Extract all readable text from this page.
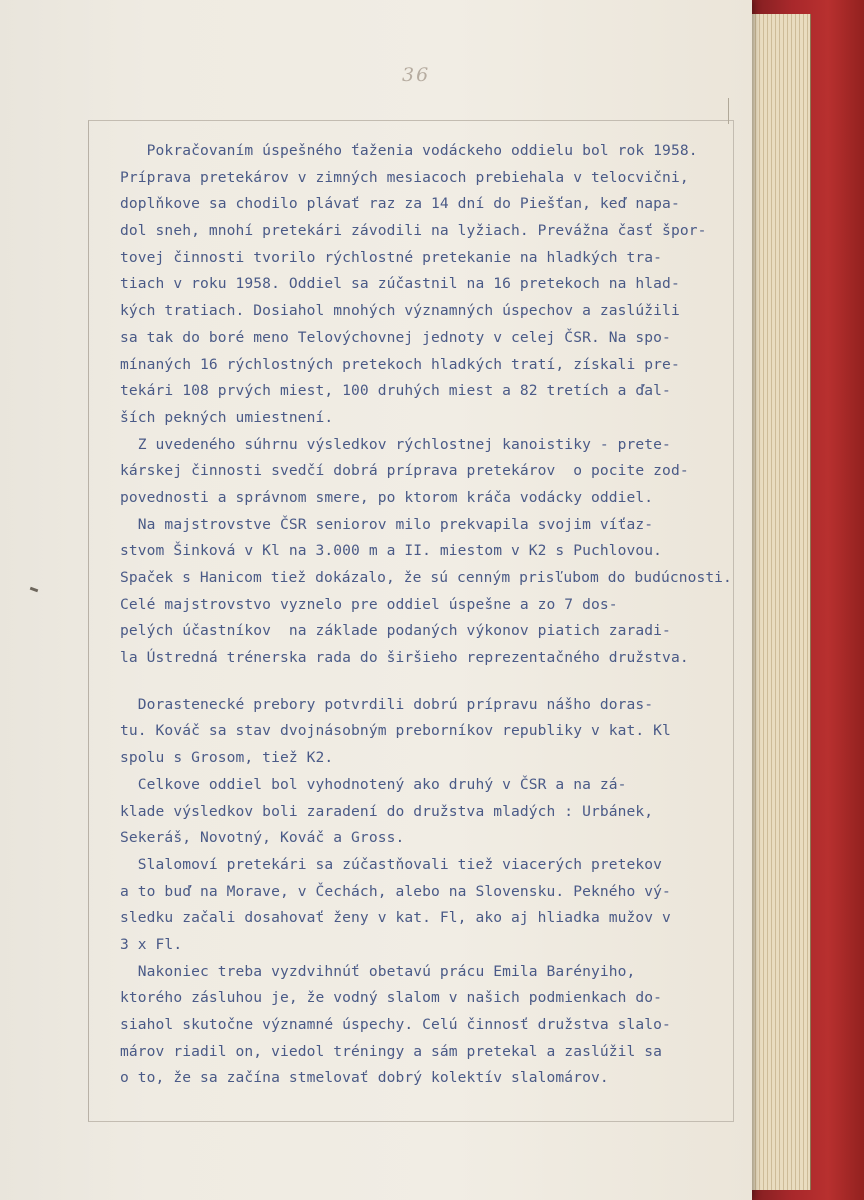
36
Pokračovaním úspešného ťaženia vodáckeho oddielu bol rok 1958.
Príprava pretekárov v zimných mesiacoch prebiehala v telocvični,
doplňkove sa chodilo plávať raz za 14 dní do Piešťan, keď napa-
dol sneh, mnohí pretekári závodili na lyžiach. Prevážna časť špor-
tovej činnosti tvorilo rýchlostné pretekanie na hladkých tra-
tiach v roku 1958. Oddiel sa zúčastnil na 16 pretekoch na hlad-
kých tratiach. Dosiahol mnohých významných úspechov a zaslúžili
sa tak do boré meno Telovýchovnej jednoty v celej ČSR. Na spo-
mínaných 16 rýchlostných pretekoch hladkých tratí, získali pre-
tekári 108 prvých miest, 100 druhých miest a 82 tretích a ďal-
ších pekných umiestnení.
Z uvedeného súhrnu výsledkov rýchlostnej kanoistiky - prete-
kárskej činnosti svedčí dobrá príprava pretekárov  o pocite zod-
povednosti a správnom smere, po ktorom kráča vodácky oddiel.
Na majstrovstve ČSR seniorov milo prekvapila svojim víťaz-
stvom Šinková v Kl na 3.000 m a II. miestom v K2 s Puchlovou.
Spaček s Hanicom tiež dokázalo, že sú cenným prisľubom do budúcnosti.
Celé majstrovstvo vyznelo pre oddiel úspešne a zo 7 dos-
pelých účastníkov  na základe podaných výkonov piatich zaradi-
la Ústredná trénerska rada do širšieho reprezentačného družstva.
Dorastenecké prebory potvrdili dobrú prípravu nášho doras-
tu. Kováč sa stav dvojnásobným preborníkov republiky v kat. Kl
spolu s Grosom, tiež K2.
Celkove oddiel bol vyhodnotený ako druhý v ČSR a na zá-
klade výsledkov boli zaradení do družstva mladých : Urbánek,
Sekeráš, Novotný, Kováč a Gross.
Slalomoví pretekári sa zúčastňovali tiež viacerých pretekov
a to buď na Morave, v Čechách, alebo na Slovensku. Pekného vý-
sledku začali dosahovať ženy v kat. Fl, ako aj hliadka mužov v
3 x Fl.
Nakoniec treba vyzdvihnúť obetavú prácu Emila Barényiho,
ktorého zásluhou je, že vodný slalom v našich podmienkach do-
siahol skutočne významné úspechy. Celú činnosť družstva slalo-
márov riadil on, viedol tréningy a sám pretekal a zaslúžil sa
o to, že sa začína stmelovať dobrý kolektív slalomárov.
